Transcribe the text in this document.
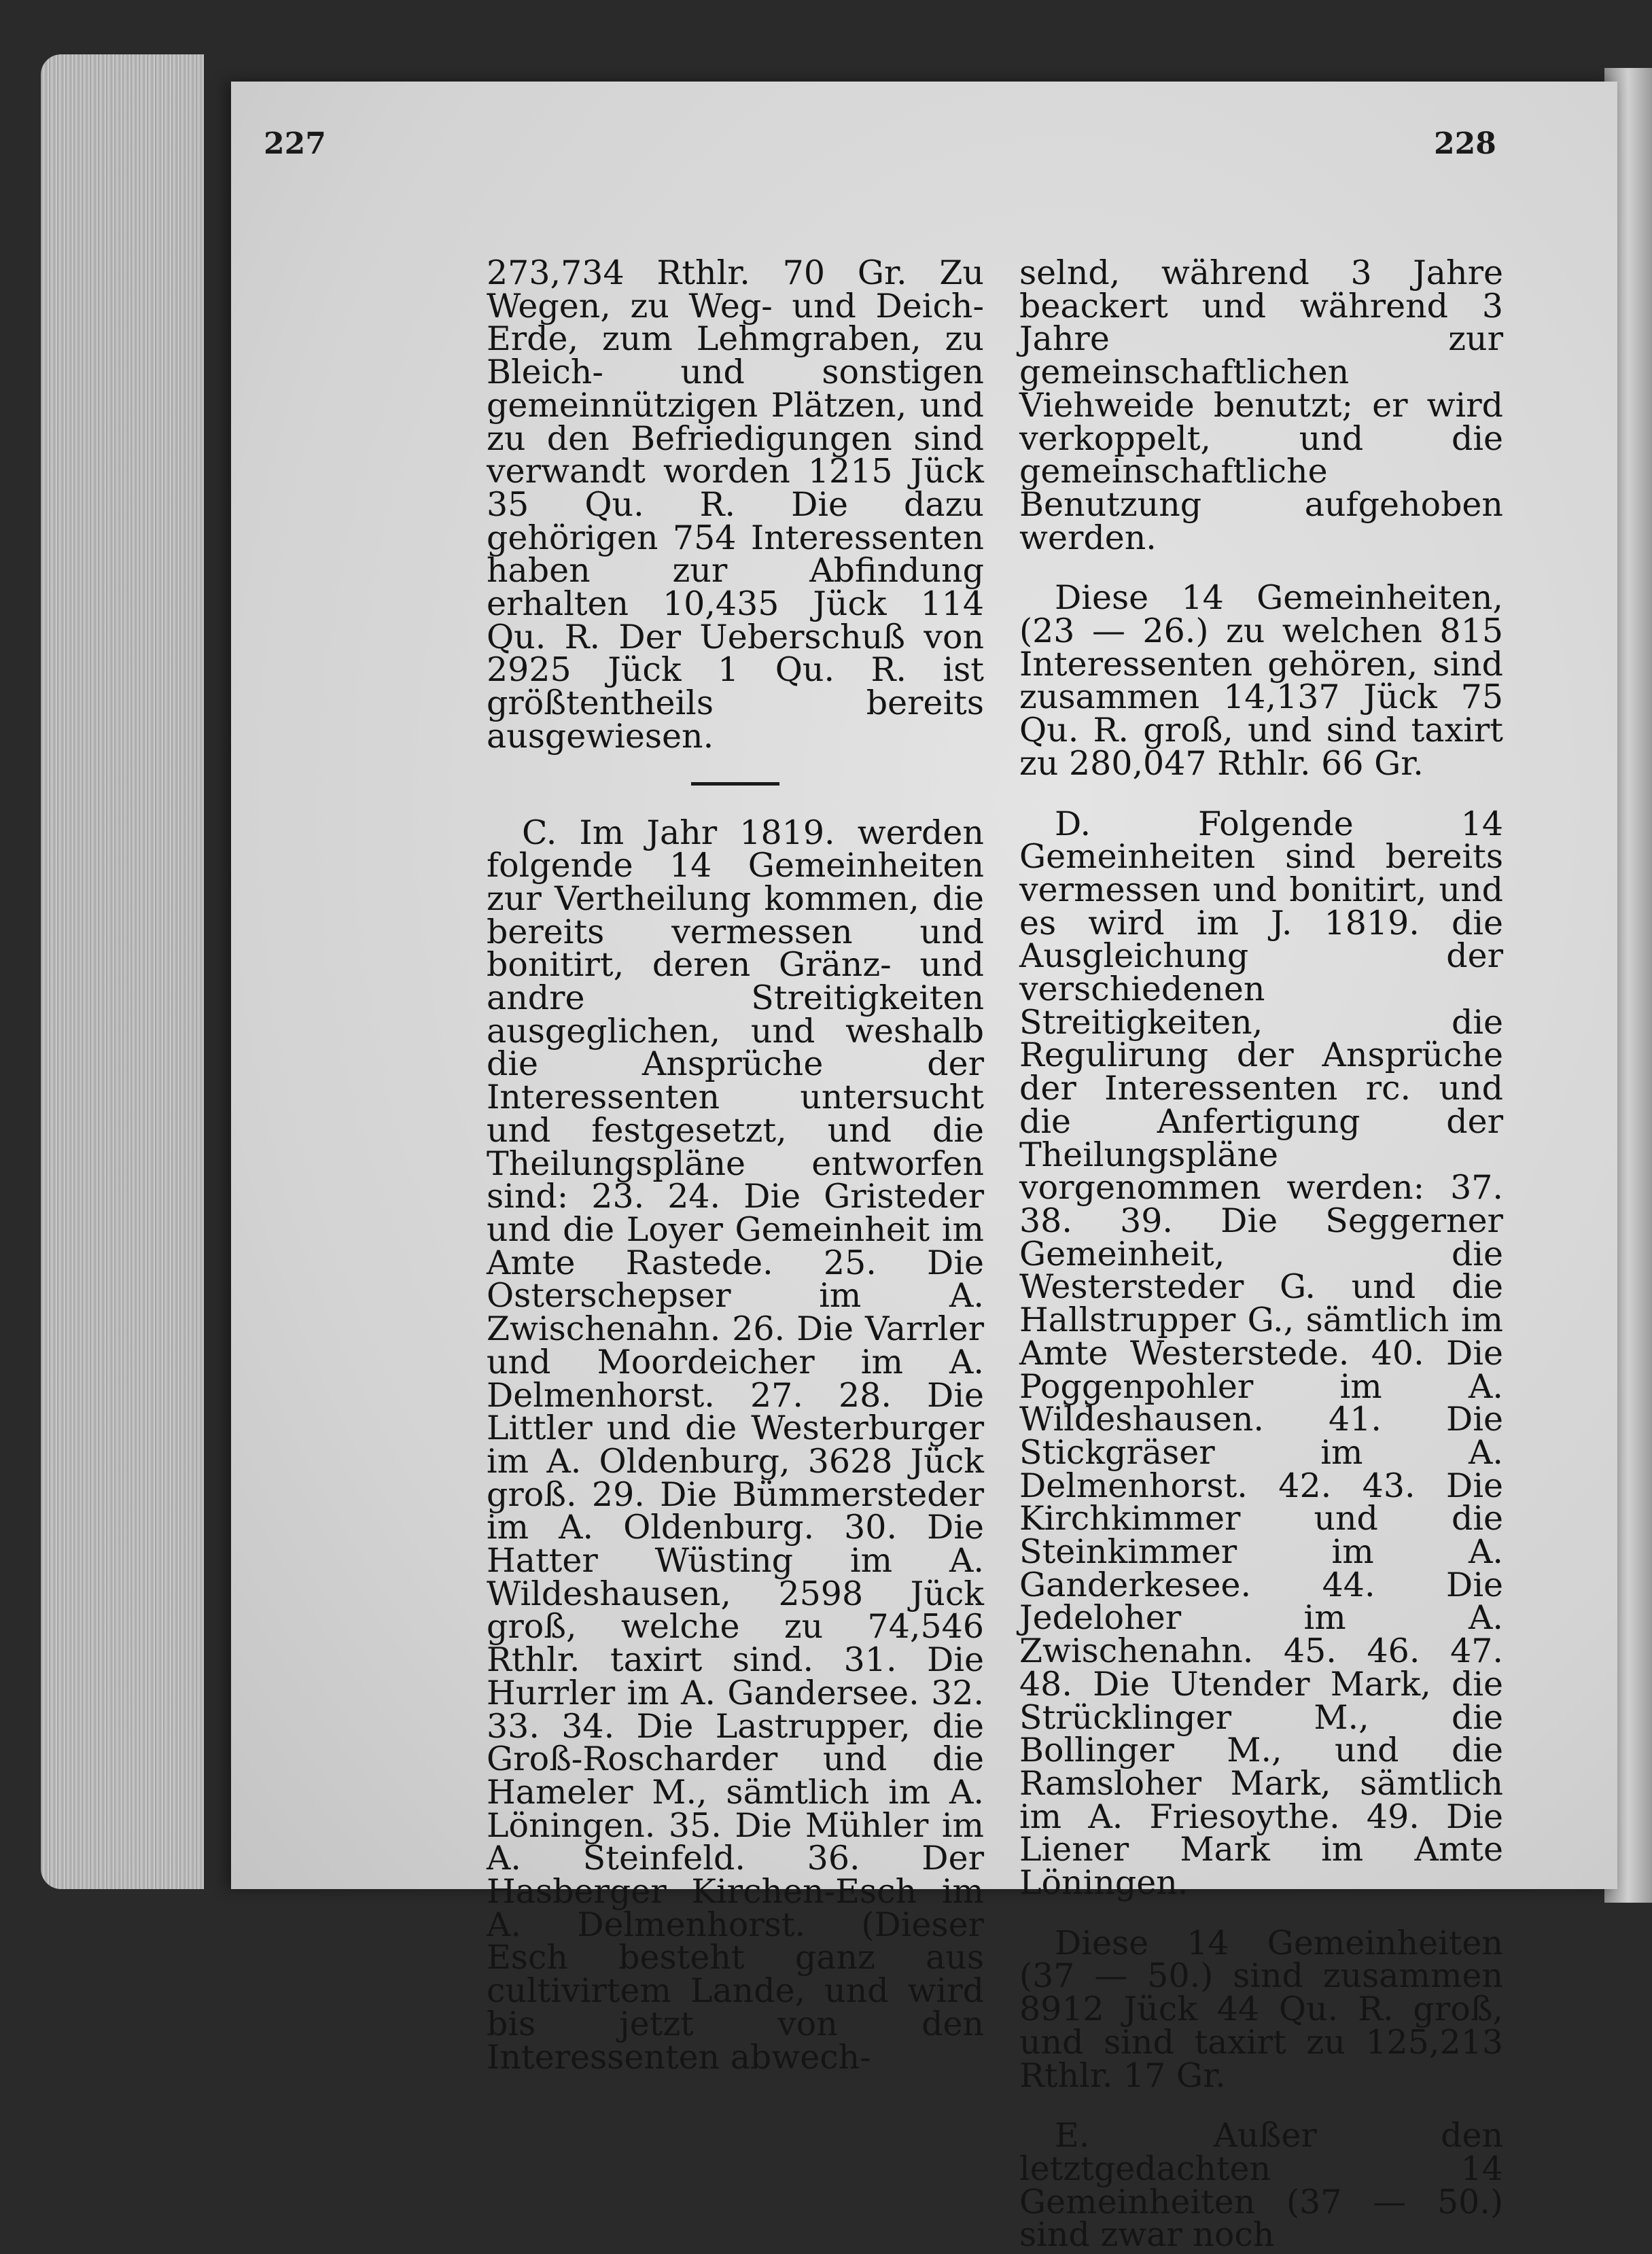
227	228

273,734 Rthlr. 70 Gr. Zu Wegen, zu Weg- und Deich-Erde, zum Lehmgraben, zu Bleich- und sonstigen gemeinnützigen Plätzen, und zu den Befriedigungen sind verwandt worden 1215 Jück 35 Qu. R. Die dazu gehörigen 754 Interessenten haben zur Abfindung erhalten 10,435 Jück 114 Qu. R. Der Ueberschuß von 2925 Jück 1 Qu. R. ist größtentheils bereits ausgewiesen.

C. Im Jahr 1819. werden folgende 14 Gemeinheiten zur Vertheilung kommen, die bereits vermessen und bonitirt, deren Gränz- und andre Streitigkeiten ausgeglichen, und weshalb die Ansprüche der Interessenten untersucht und festgesetzt, und die Theilungspläne entworfen sind: 23. 24. Die Gristeder und die Loyer Gemeinheit im Amte Rastede. 25. Die Osterschepser im A. Zwischenahn. 26. Die Varrler und Moordeicher im A. Delmenhorst. 27. 28. Die Littler und die Westerburger im A. Oldenburg, 3628 Jück groß. 29. Die Bümmersteder im A. Oldenburg. 30. Die Hatter Wüsting im A. Wildeshausen, 2598 Jück groß, welche zu 74,546 Rthlr. taxirt sind. 31. Die Hurrler im A. Gandersee. 32. 33. 34. Die Lastrupper, die Groß-Roscharder und die Hameler M., sämtlich im A. Löningen. 35. Die Mühler im A. Steinfeld. 36. Der Hasberger Kirchen-Esch im A. Delmenhorst. (Dieser Esch besteht ganz aus cultivirtem Lande, und wird bis jetzt von den Interessenten abwech-

selnd, während 3 Jahre beackert und während 3 Jahre zur gemeinschaftlichen Viehweide benutzt; er wird verkoppelt, und die gemeinschaftliche Benutzung aufgehoben werden.

Diese 14 Gemeinheiten, (23 — 26.) zu welchen 815 Interessenten gehören, sind zusammen 14,137 Jück 75 Qu. R. groß, und sind taxirt zu 280,047 Rthlr. 66 Gr.

D. Folgende 14 Gemeinheiten sind bereits vermessen und bonitirt, und es wird im J. 1819. die Ausgleichung der verschiedenen Streitigkeiten, die Regulirung der Ansprüche der Interessenten rc. und die Anfertigung der Theilungspläne vorgenommen werden: 37. 38. 39. Die Seggerner Gemeinheit, die Westersteder G. und die Hallstrupper G., sämtlich im Amte Westerstede. 40. Die Poggenpohler im A. Wildeshausen. 41. Die Stickgräser im A. Delmenhorst. 42. 43. Die Kirchkimmer und die Steinkimmer im A. Ganderkesee. 44. Die Jedeloher im A. Zwischenahn. 45. 46. 47. 48. Die Utender Mark, die Strücklinger M., die Bollinger M., und die Ramsloher Mark, sämtlich im A. Friesoythe. 49. Die Liener Mark im Amte Löningen.

Diese 14 Gemeinheiten (37 — 50.) sind zusammen 8912 Jück 44 Qu. R. groß, und sind taxirt zu 125,213 Rthlr. 17 Gr.

E. Außer den letztgedachten 14 Gemeinheiten (37 — 50.) sind zwar noch
